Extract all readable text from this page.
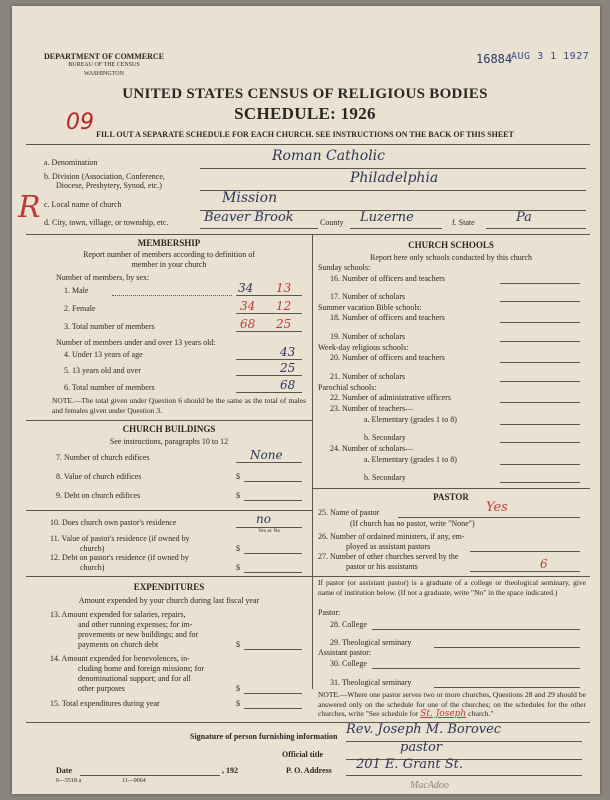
DEPARTMENT OF COMMERCE
BUREAU OF THE CENSUS
WASHINGTON
16884
AUG 3 1 1927
UNITED STATES CENSUS OF RELIGIOUS BODIES
SCHEDULE: 1926
09 FILL OUT A SEPARATE SCHEDULE FOR EACH CHURCH. SEE INSTRUCTIONS ON THE BACK OF THIS SHEET
a. Denomination	Roman Catholic
b. Division (Association, Conference,
Diocese, Presbytery, Synod, etc.)	Philadelphia
c. Local name of church	Mission
R d. City, town, village, or township, etc.	Beaver Brook	County Luzerne	f. State	Pa
MEMBERSHIP
Report number of members according to definition of
member in your church
Number of members, by sex:
1. Male	34 13
2. Female	34 12
3. Total number of members	68 25
Number of members under and over 13 years old:
4. Under 13 years of age	43
5. 13 years old and over	25
6. Total number of members	68
NOTE.—The total given under Question 6 should be the same as the total of males and females given under Question 3.
CHURCH BUILDINGS
See instructions, paragraphs 10 to 12
7. Number of church edifices	None
8. Value of church edifices	$
9. Debt on church edifices	$
10. Does church own pastor's residence	no
Yes or No
11. Value of pastor's residence (if owned by
church)	$
12. Debt on pastor's residence (if owned by
church)	$
EXPENDITURES
Amount expended by your church during last fiscal year
13. Amount expended for salaries, repairs,
and other running expenses; for im-
provements or new buildings; and for
payments on church debt	$
14. Amount expended for benevolences, in-
cluding home and foreign missions; for
denominational support; and for all
other purposes	$
15. Total expenditures during year	$
CHURCH SCHOOLS
Report here only schools conducted by this church
Sunday schools:
16. Number of officers and teachers
17. Number of scholars
Summer vacation Bible schools:
18. Number of officers and teachers
19. Number of scholars
Week-day religious schools:
20. Number of officers and teachers
21. Number of scholars
Parochial schools:
22. Number of administrative officers
23. Number of teachers—
a. Elementary (grades 1 to 8)
b. Secondary
24. Number of scholars—
a. Elementary (grades 1 to 8)
b. Secondary
PASTOR
25. Name of pastor	Yes
(If church has no pastor, write "None")
26. Number of ordained ministers, if any, em-
ployed as assistant pastors
27. Number of other churches served by the
pastor or his assistants	6
If pastor (or assistant pastor) is a graduate of a college or theological seminary, give name of institution below. (If not a graduate, write "No" in the space indicated.)
Pastor:
28. College
29. Theological seminary
Assistant pastor:
30. College
31. Theological seminary
NOTE.—Where one pastor serves two or more churches, Questions 28 and 29 should be answered only on the schedule for one of the churches; on the schedules for the other churches, write "See schedule for St. Joseph church."
Signature of person furnishing information Rev. Joseph M. Borovec
Official title	pastor
Date	, 192	P. O. Address 201 E. Grant St.
6—5518 a	11—9064	MacAdoo
